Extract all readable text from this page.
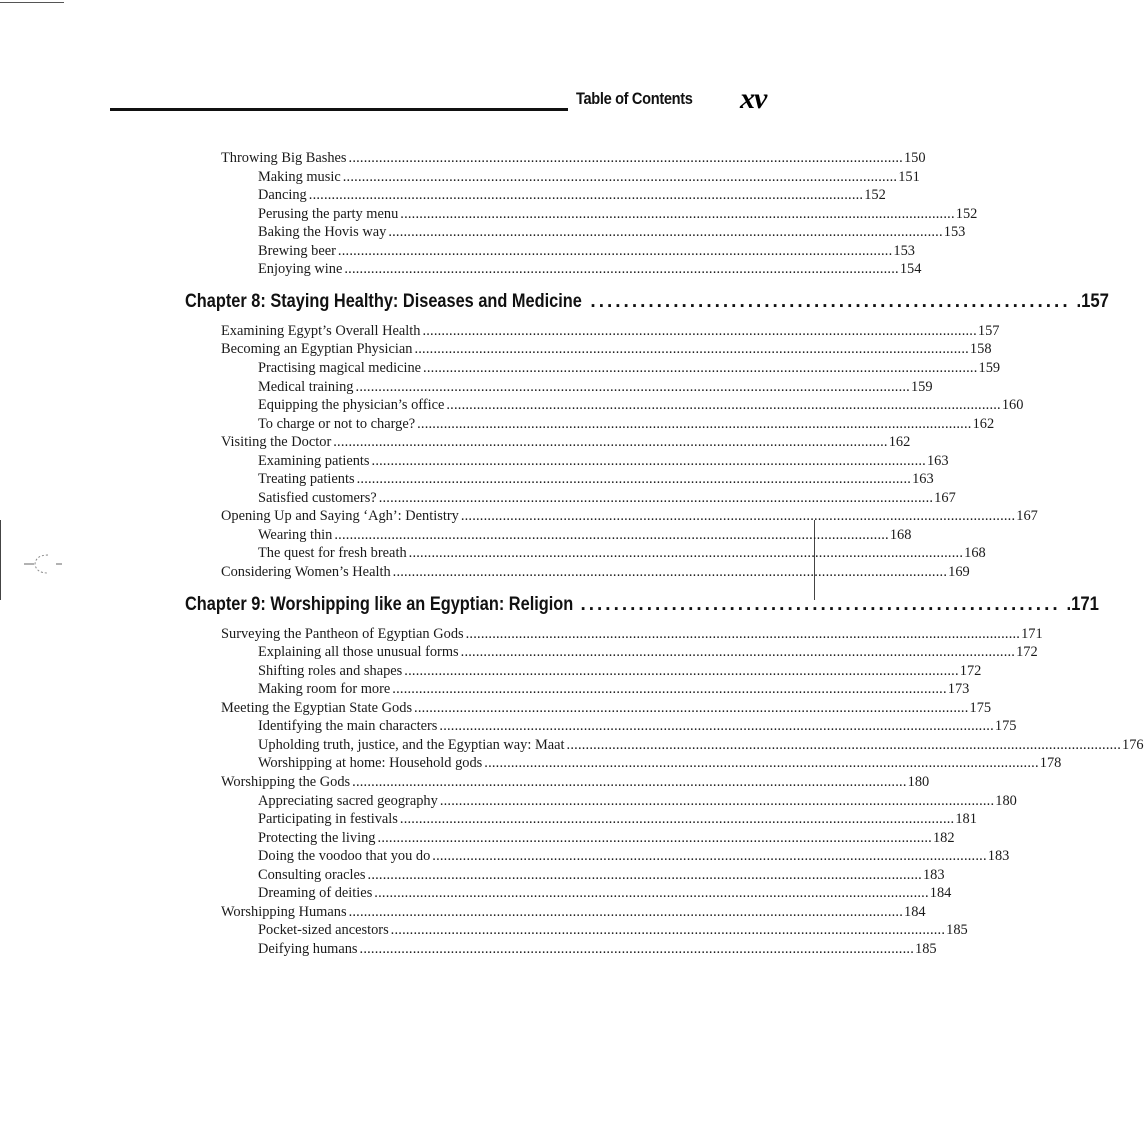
Table of Contents xv
Throwing Big Bashes .................................................................................................................................................. 150
Making music .................................................................................................................................................. 151
Dancing .................................................................................................................................................. 152
Perusing the party menu .................................................................................................................................................. 152
Baking the Hovis way .................................................................................................................................................. 153
Brewing beer .................................................................................................................................................. 153
Enjoying wine .................................................................................................................................................. 154
Chapter 8: Staying Healthy: Diseases and Medicine .......................................................... .157
Examining Egypt’s Overall Health .................................................................................................................................................. 157
Becoming an Egyptian Physician .................................................................................................................................................. 158
Practising magical medicine .................................................................................................................................................. 159
Medical training .................................................................................................................................................. 159
Equipping the physician’s office .................................................................................................................................................. 160
To charge or not to charge? .................................................................................................................................................. 162
Visiting the Doctor .................................................................................................................................................. 162
Examining patients .................................................................................................................................................. 163
Treating patients .................................................................................................................................................. 163
Satisfied customers? .................................................................................................................................................. 167
Opening Up and Saying ‘Agh’: Dentistry .................................................................................................................................................. 167
Wearing thin .................................................................................................................................................. 168
The quest for fresh breath .................................................................................................................................................. 168
Considering Women’s Health .................................................................................................................................................. 169
Chapter 9: Worshipping like an Egyptian: Religion .......................................................... .171
Surveying the Pantheon of Egyptian Gods .................................................................................................................................................. 171
Explaining all those unusual forms .................................................................................................................................................. 172
Shifting roles and shapes .................................................................................................................................................. 172
Making room for more .................................................................................................................................................. 173
Meeting the Egyptian State Gods .................................................................................................................................................. 175
Identifying the main characters .................................................................................................................................................. 175
Upholding truth, justice, and the Egyptian way: Maat .................................................................................................................................................. 176
Worshipping at home: Household gods .................................................................................................................................................. 178
Worshipping the Gods .................................................................................................................................................. 180
Appreciating sacred geography .................................................................................................................................................. 180
Participating in festivals .................................................................................................................................................. 181
Protecting the living .................................................................................................................................................. 182
Doing the voodoo that you do .................................................................................................................................................. 183
Consulting oracles .................................................................................................................................................. 183
Dreaming of deities .................................................................................................................................................. 184
Worshipping Humans .................................................................................................................................................. 184
Pocket-sized ancestors .................................................................................................................................................. 185
Deifying humans .................................................................................................................................................. 185
